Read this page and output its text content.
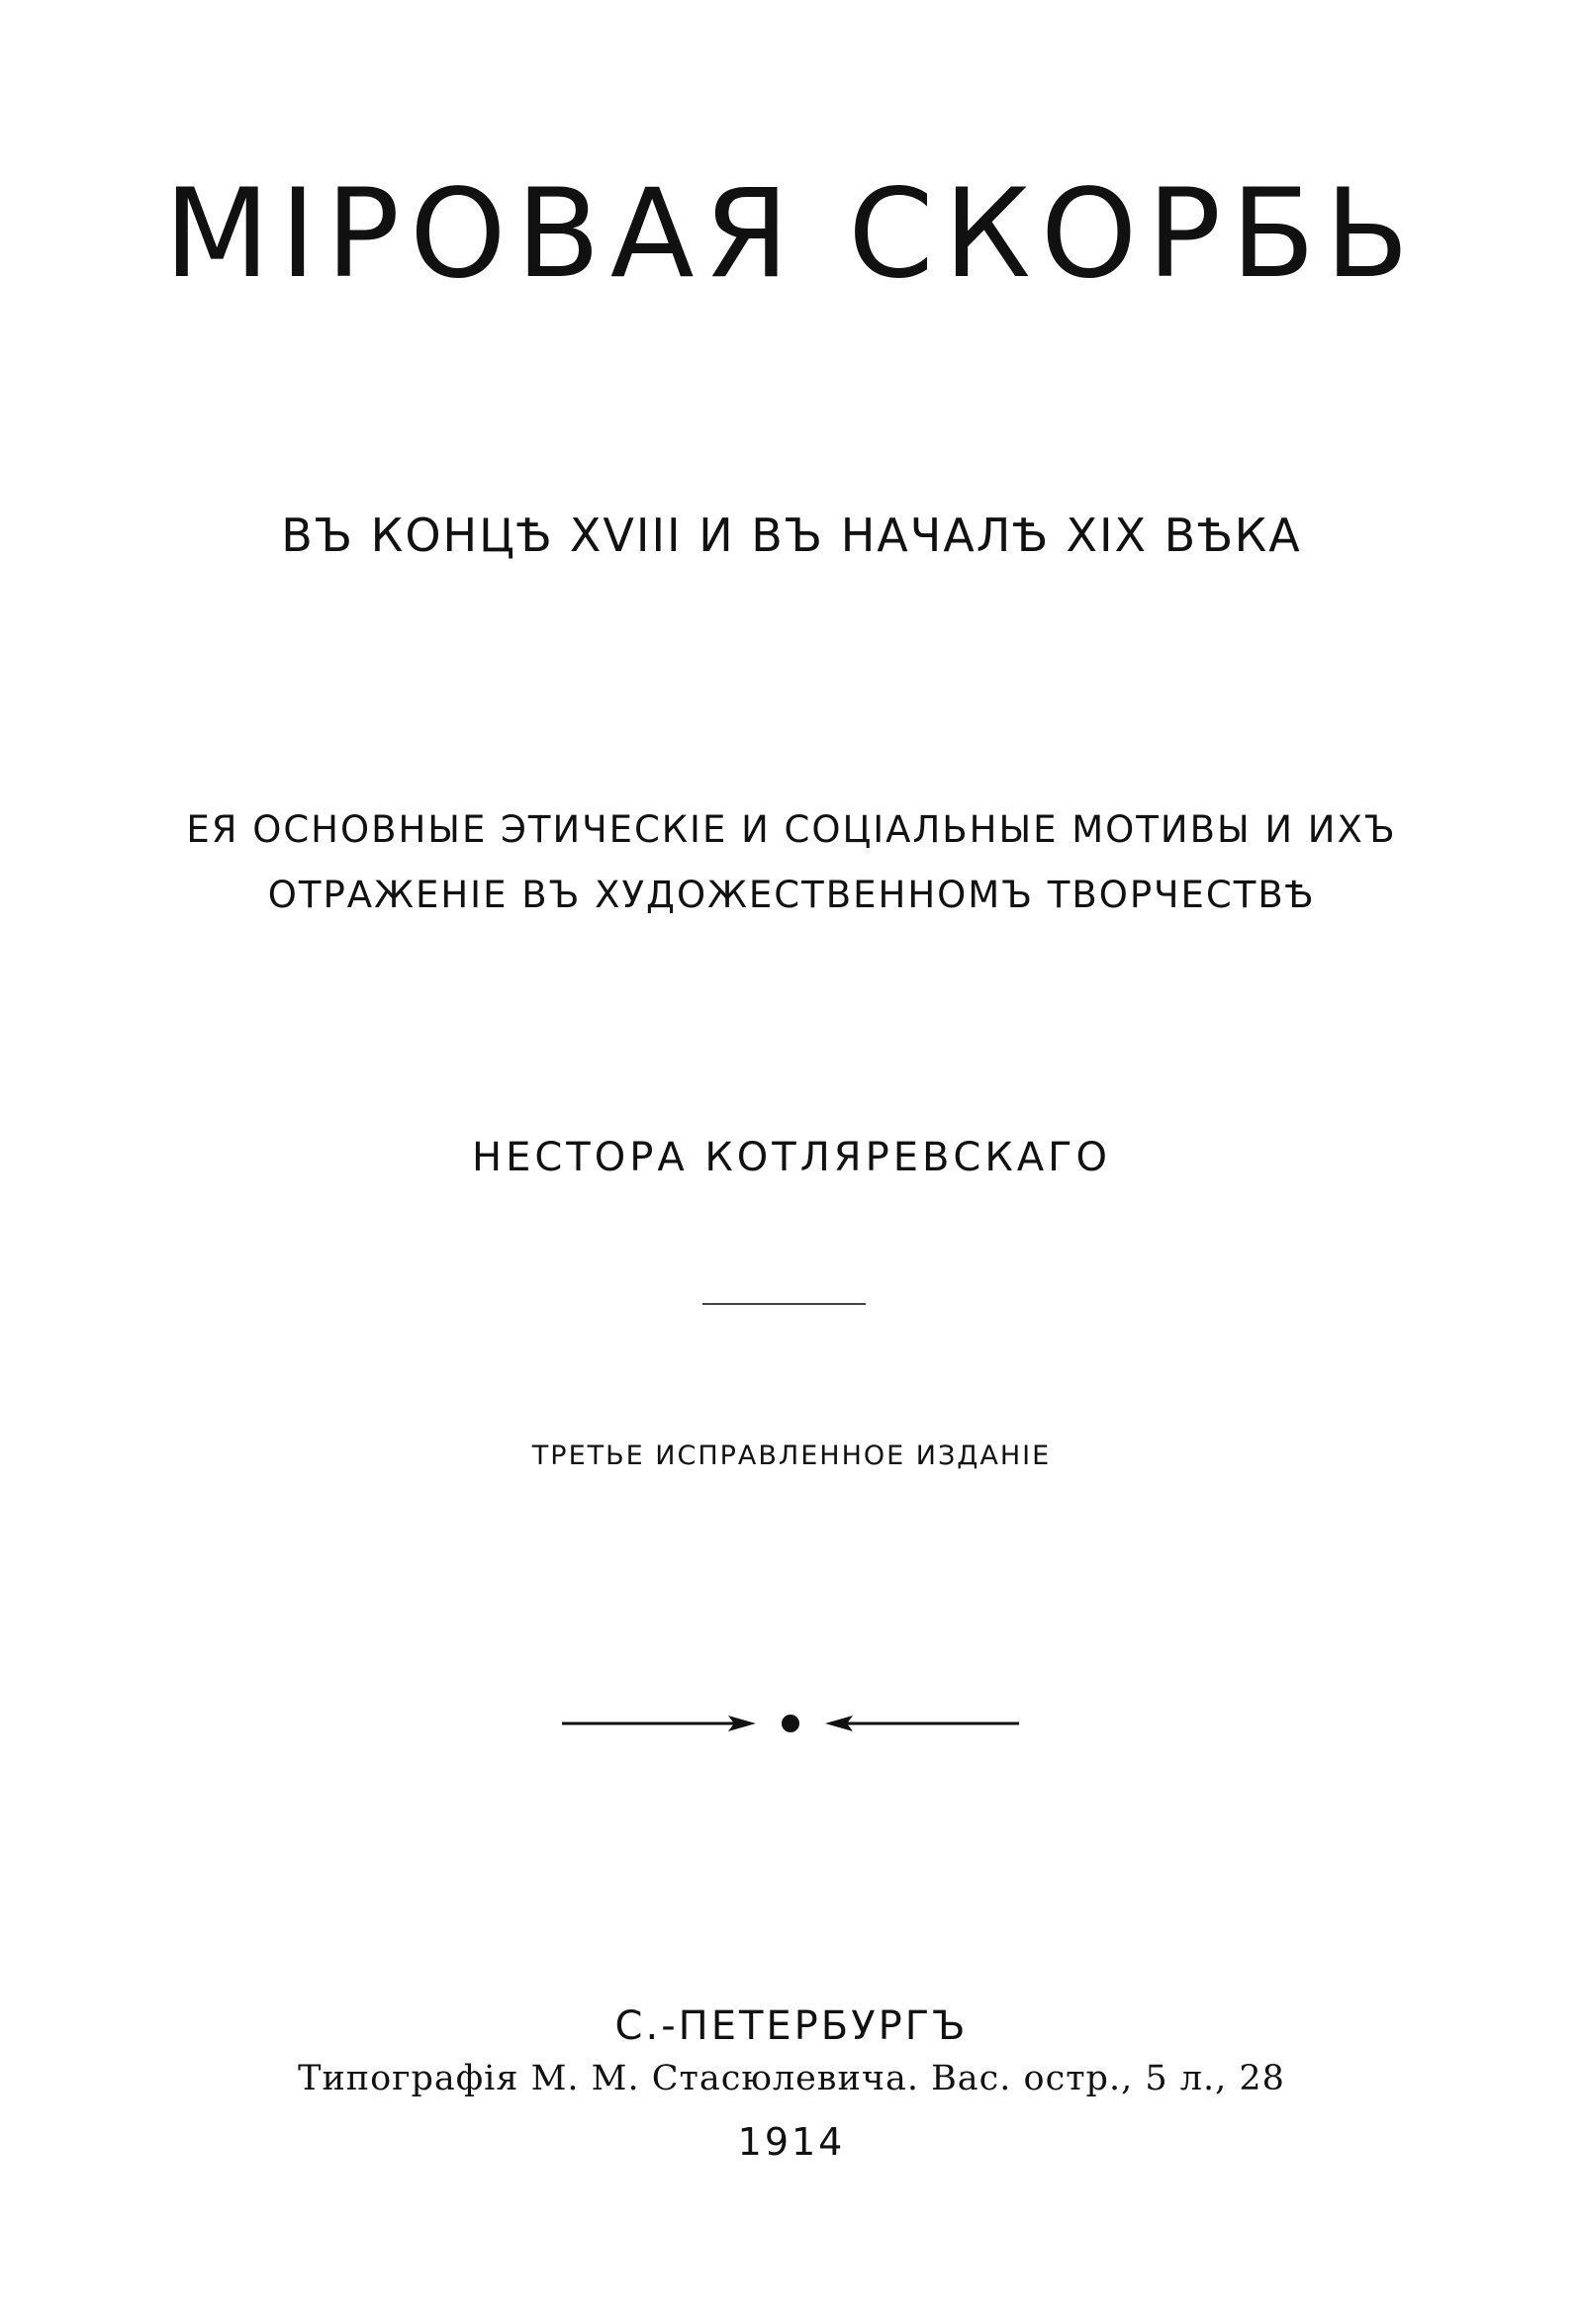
МІРОВАЯ СКОРБЬ
ВЪ КОНЦѢ XVIII И ВЪ НАЧАЛѢ XIX ВѢКА
ЕЯ ОСНОВНЫЕ ЭТИЧЕСКІЕ И СОЦІАЛЬНЫЕ МОТИВЫ И ИХЪ
ОТРАЖЕНІЕ ВЪ ХУДОЖЕСТВЕННОМЪ ТВОРЧЕСТВѢ
НЕСТОРА КОТЛЯРЕВСКАГО
ТРЕТЬЕ ИСПРАВЛЕННОЕ ИЗДАНІЕ
С.-ПЕТЕРБУРГЪ
Типографія М. М. Стасюлевича. Вас. остр., 5 л., 28
1914
